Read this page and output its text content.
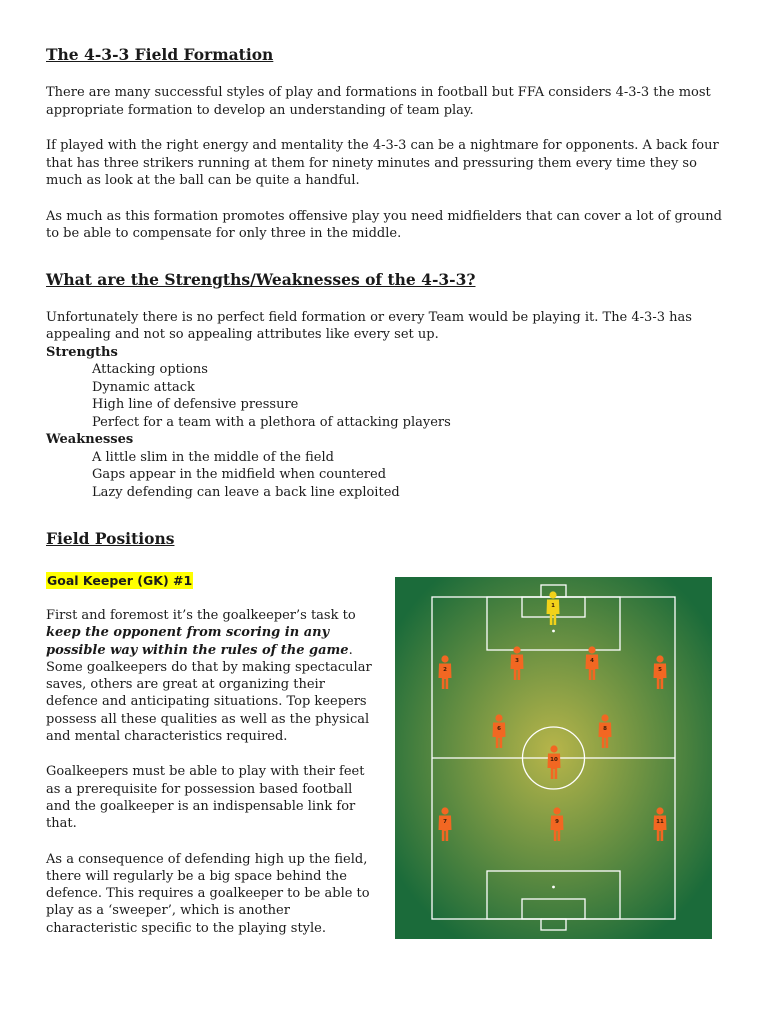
The 4-3-3 Field Formation

There are many successful styles of play and formations in football but FFA considers 4-3-3 the most appropriate formation to develop an understanding of team play.

If played with the right energy and mentality the 4-3-3 can be a nightmare for opponents. A back four that has three strikers running at them for ninety minutes and pressuring them every time they so much as look at the ball can be quite a handful.

As much as this formation promotes offensive play you need midfielders that can cover a lot of ground to be able to compensate for only three in the middle.

What are the Strengths/Weaknesses of the 4-3-3?

Unfortunately there is no perfect field formation or every Team would be playing it. The 4-3-3 has appealing and not so appealing attributes like every set up.

Strengths

Attacking options
Dynamic attack
High line of defensive pressure
Perfect for a team with a plethora of attacking players

Weaknesses

A little slim in the middle of the field
Gaps appear in the midfield when countered
Lazy defending can leave a back line exploited
Field Positions
Goal Keeper (GK) #1

First and foremost it’s the goalkeeper’s task to keep the opponent from scoring in any possible way within the rules of the game. Some goalkeepers do that by making spectacular saves, others are great at organizing their defence and anticipating situations. Top keepers possess all these qualities as well as the physical and mental characteristics required.

Goalkeepers must be able to play with their feet as a prerequisite for possession based football and the goalkeeper is an indispensable link for that.

As a consequence of defending high up the field, there will regularly be a big space behind the defence. This requires a goalkeeper to be able to play as a ‘sweeper’, which is another characteristic specific to the playing style.

1
2
3	4
5
6	8
10
7	9	11
